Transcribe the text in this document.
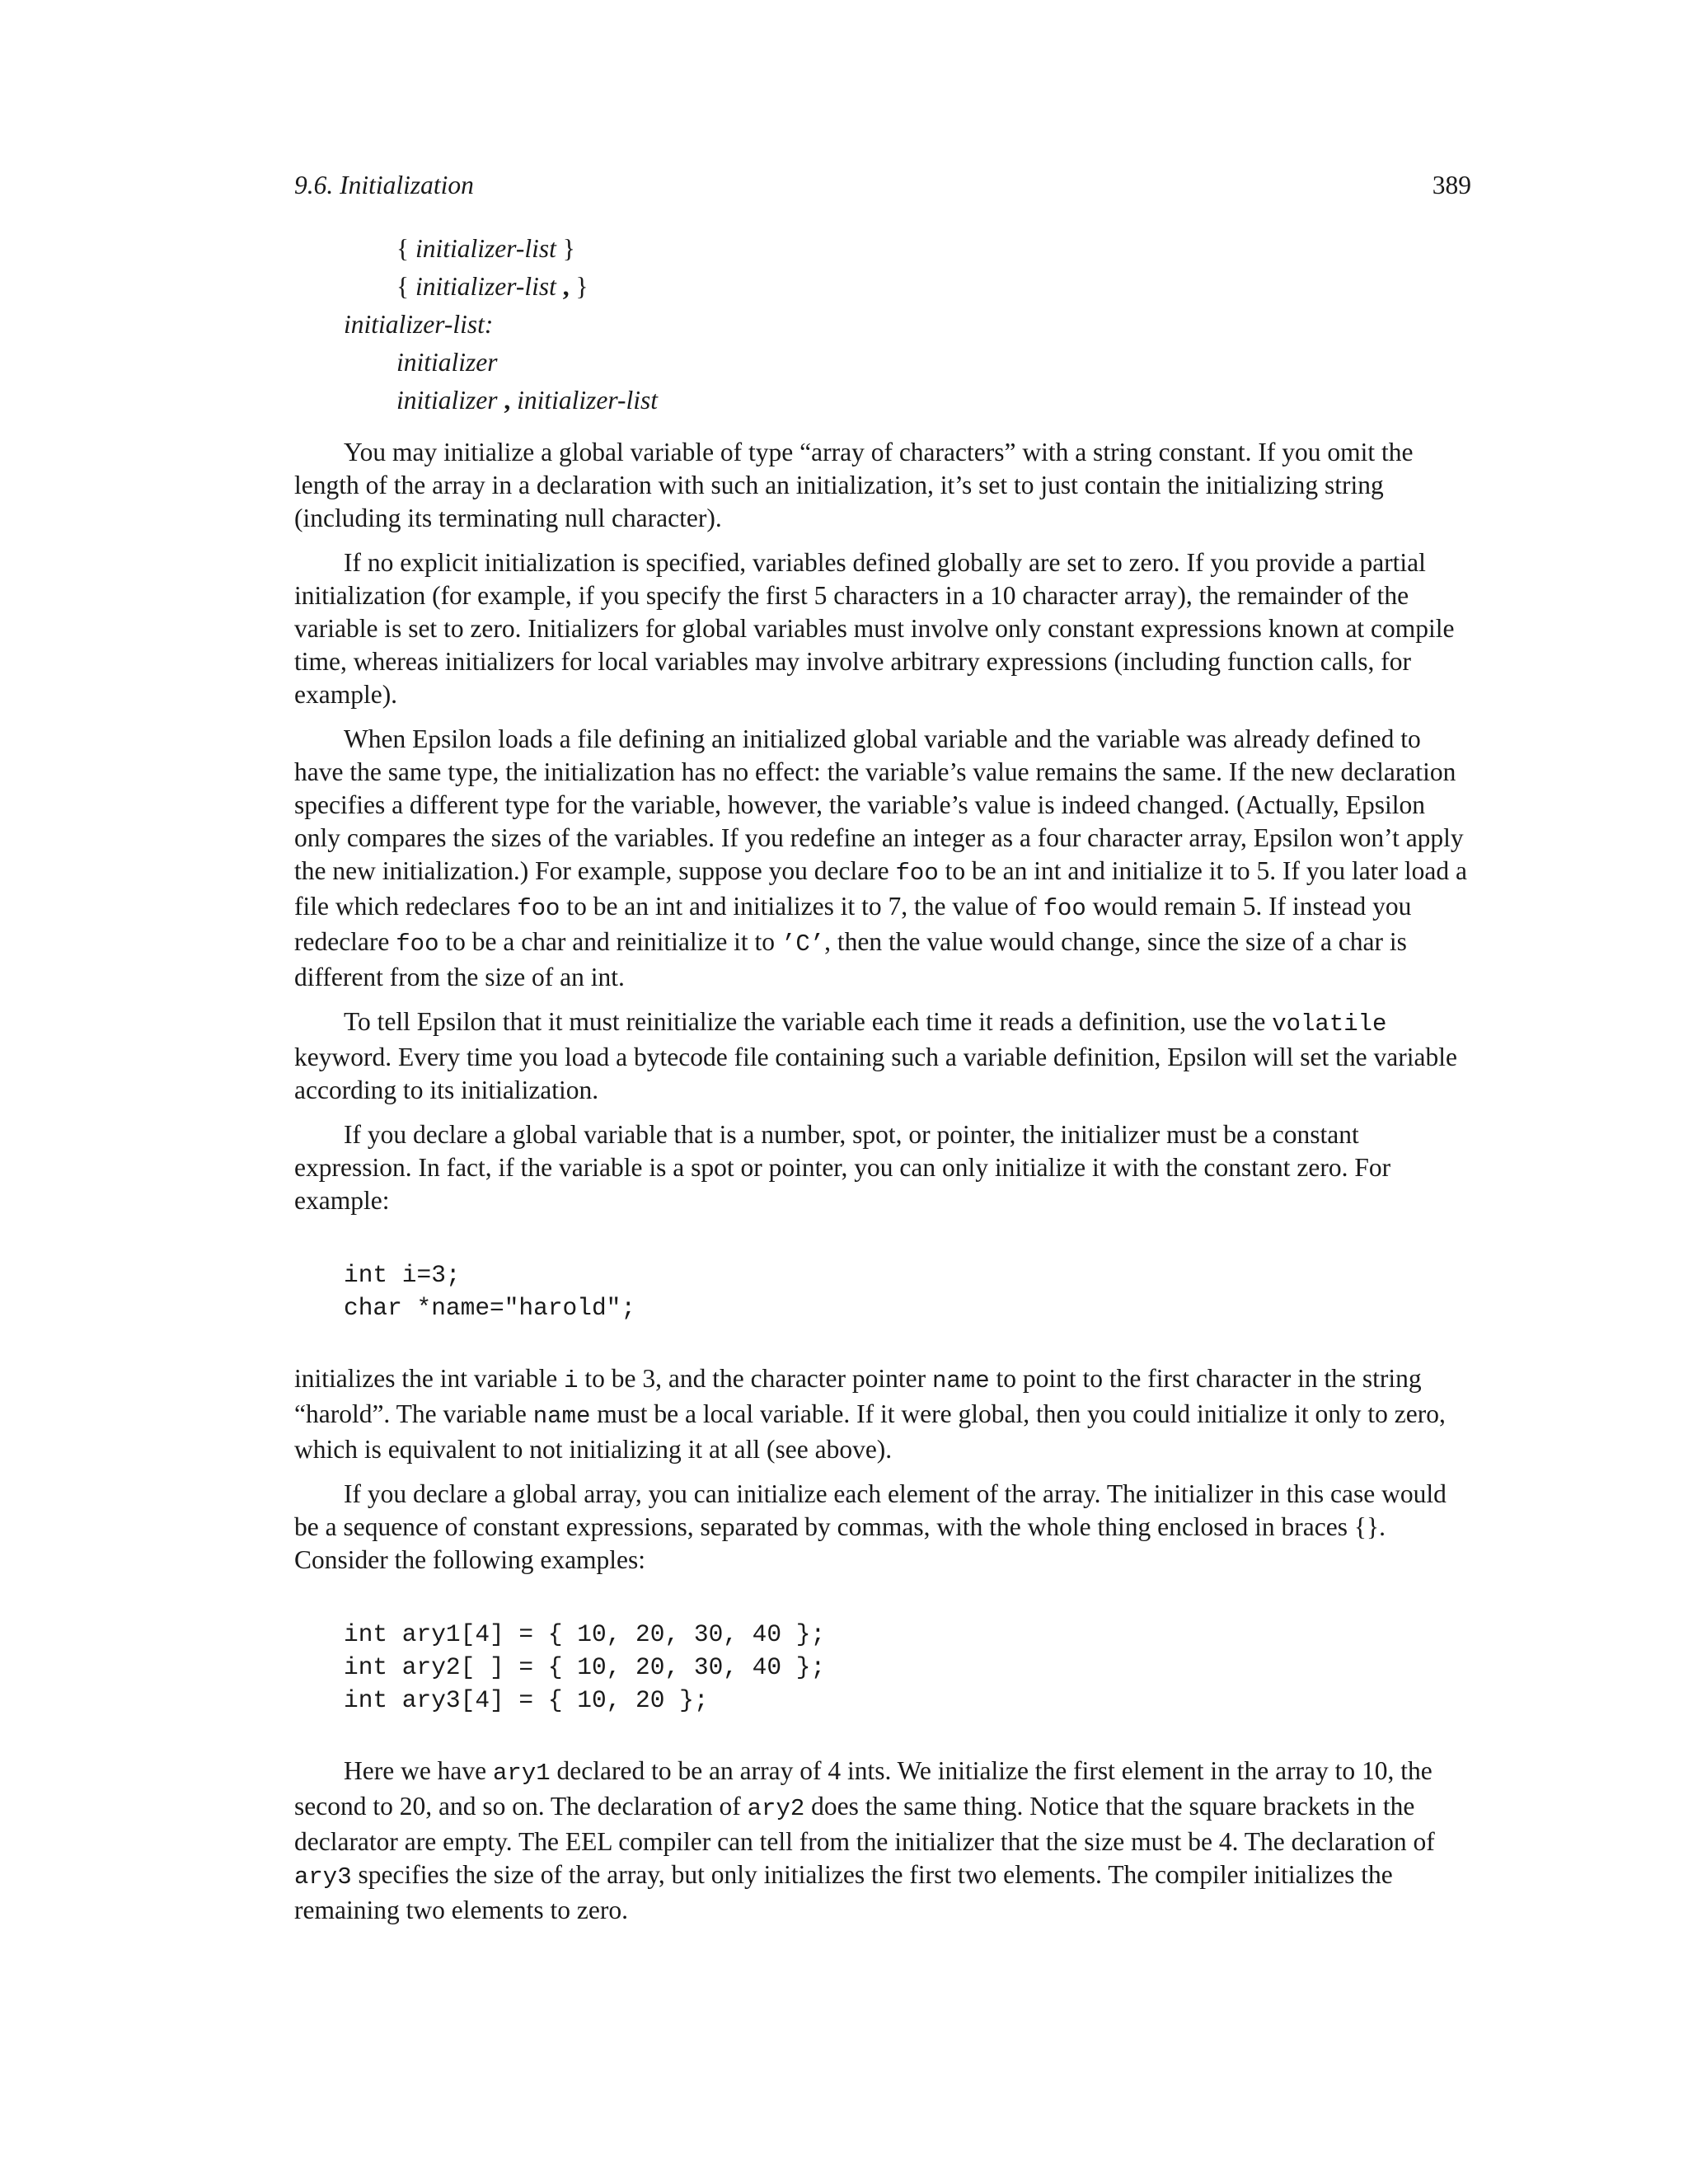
9.6. Initialization	389
{ initializer-list }
{ initializer-list , }
initializer-list:
initializer
initializer , initializer-list

You may initialize a global variable of type “array of characters” with a string constant. If you omit the length of the array in a declaration with such an initialization, it’s set to just contain the initializing string (including its terminating null character).

If no explicit initialization is specified, variables defined globally are set to zero. If you provide a partial initialization (for example, if you specify the first 5 characters in a 10 character array), the remainder of the variable is set to zero. Initializers for global variables must involve only constant expressions known at compile time, whereas initializers for local variables may involve arbitrary expressions (including function calls, for example).

When Epsilon loads a file defining an initialized global variable and the variable was already defined to have the same type, the initialization has no effect: the variable’s value remains the same. If the new declaration specifies a different type for the variable, however, the variable’s value is indeed changed. (Actually, Epsilon only compares the sizes of the variables. If you redefine an integer as a four character array, Epsilon won’t apply the new initialization.) For example, suppose you declare foo to be an int and initialize it to 5. If you later load a file which redeclares foo to be an int and initializes it to 7, the value of foo would remain 5. If instead you redeclare foo to be a char and reinitialize it to ’C’, then the value would change, since the size of a char is different from the size of an int.

To tell Epsilon that it must reinitialize the variable each time it reads a definition, use the volatile keyword. Every time you load a bytecode file containing such a variable definition, Epsilon will set the variable according to its initialization.

If you declare a global variable that is a number, spot, or pointer, the initializer must be a constant expression. In fact, if the variable is a spot or pointer, you can only initialize it with the constant zero. For example:

int i=3;
char *name="harold";

initializes the int variable i to be 3, and the character pointer name to point to the first character in the string “harold”. The variable name must be a local variable. If it were global, then you could initialize it only to zero, which is equivalent to not initializing it at all (see above).

If you declare a global array, you can initialize each element of the array. The initializer in this case would be a sequence of constant expressions, separated by commas, with the whole thing enclosed in braces {}. Consider the following examples:

int ary1[4] = { 10, 20, 30, 40 };
int ary2[ ] = { 10, 20, 30, 40 };
int ary3[4] = { 10, 20 };

Here we have ary1 declared to be an array of 4 ints. We initialize the first element in the array to 10, the second to 20, and so on. The declaration of ary2 does the same thing. Notice that the square brackets in the declarator are empty. The EEL compiler can tell from the initializer that the size must be 4. The declaration of ary3 specifies the size of the array, but only initializes the first two elements. The compiler initializes the remaining two elements to zero.
